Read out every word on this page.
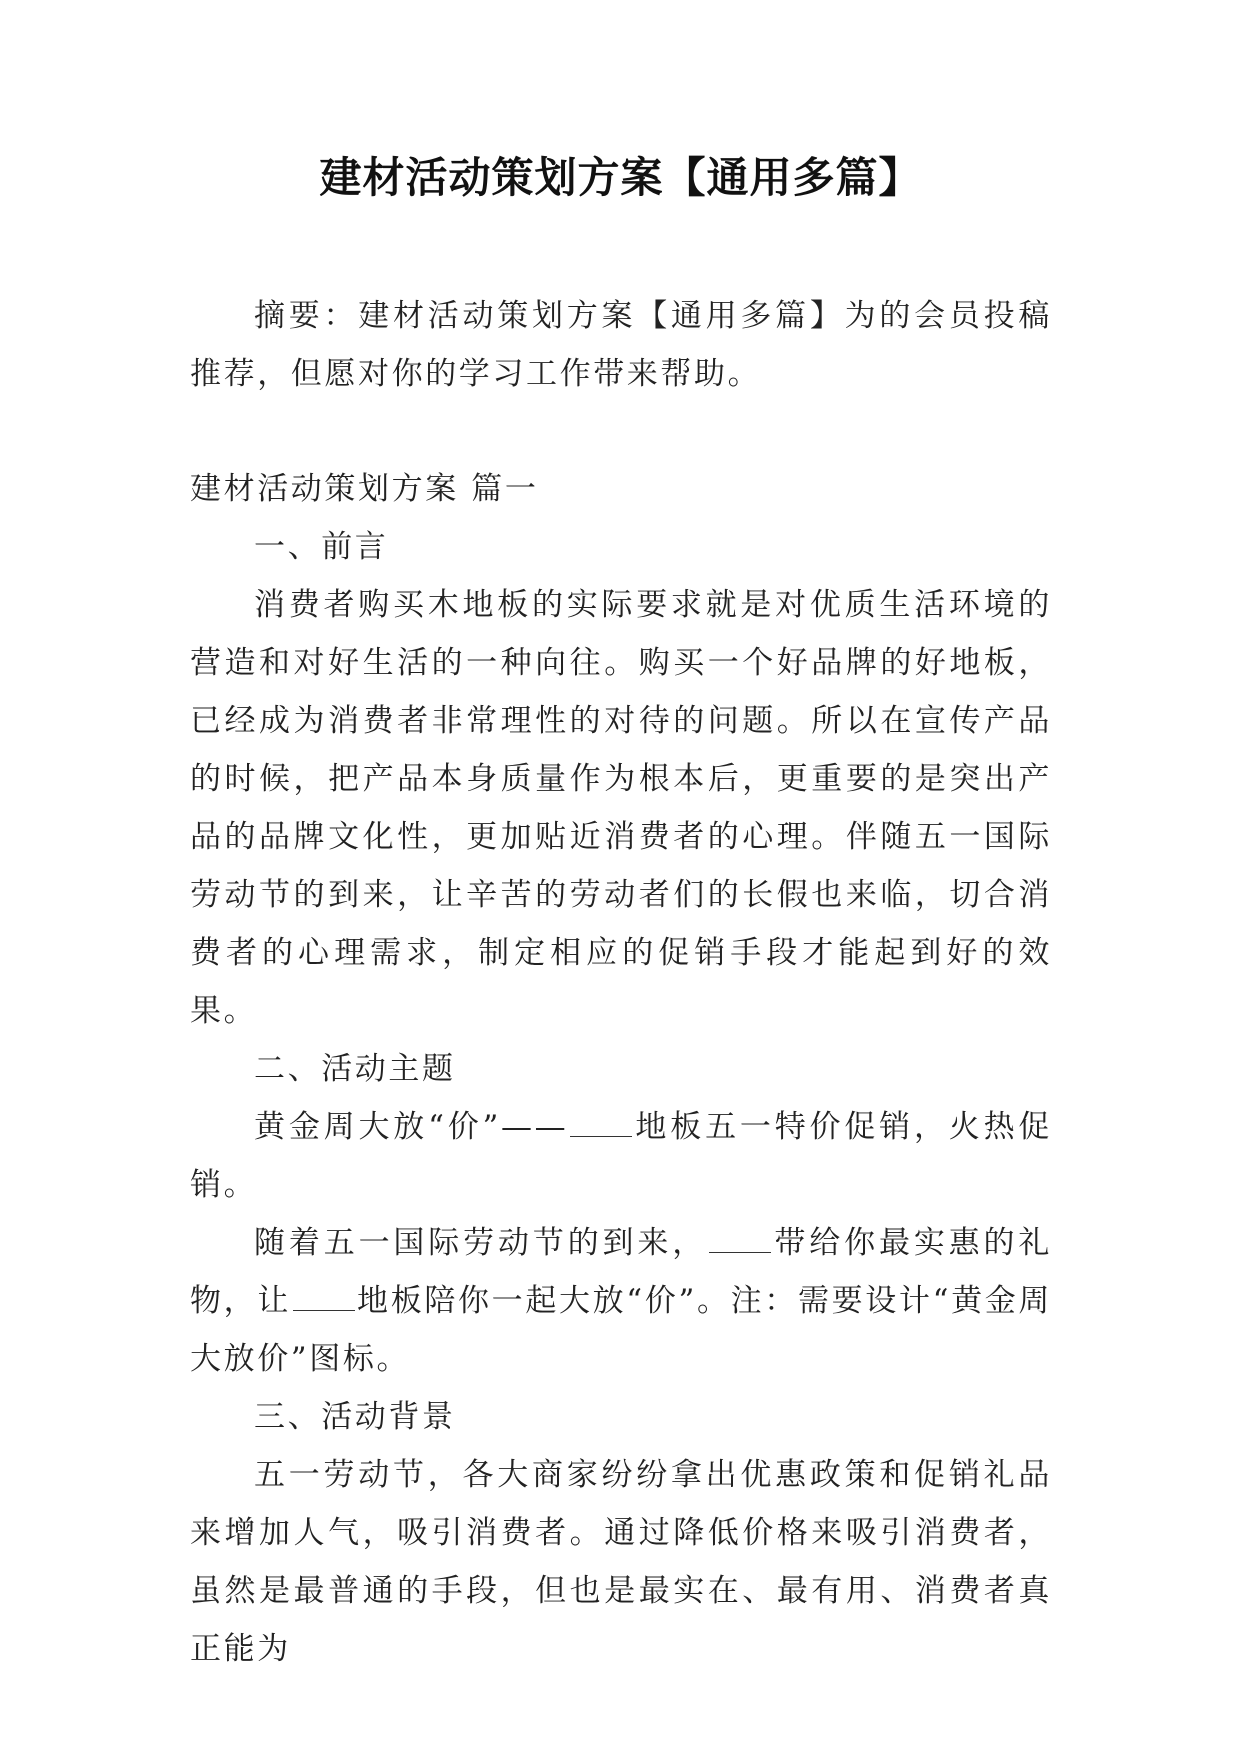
建材活动策划方案【通用多篇】

摘要：建材活动策划方案【通用多篇】为的会员投稿推荐，但愿对你的学习工作带来帮助。

建材活动策划方案 篇一

一、前言

消费者购买木地板的实际要求就是对优质生活环境的营造和对好生活的一种向往。购买一个好品牌的好地板，已经成为消费者非常理性的对待的问题。所以在宣传产品的时候，把产品本身质量作为根本后，更重要的是突出产品的品牌文化性，更加贴近消费者的心理。伴随五一国际劳动节的到来，让辛苦的劳动者们的长假也来临，切合消费者的心理需求，制定相应的促销手段才能起到好的效果。

二、活动主题

黄金周大放“价”—— 地板五一特价促销，火热促销。

随着五一国际劳动节的到来， 带给你最实惠的礼物，让 地板陪你一起大放“价”。注：需要设计“黄金周大放价”图标。

三、活动背景

五一劳动节，各大商家纷纷拿出优惠政策和促销礼品来增加人气，吸引消费者。通过降低价格来吸引消费者，虽然是最普通的手段，但也是最实在、最有用、消费者真正能为
